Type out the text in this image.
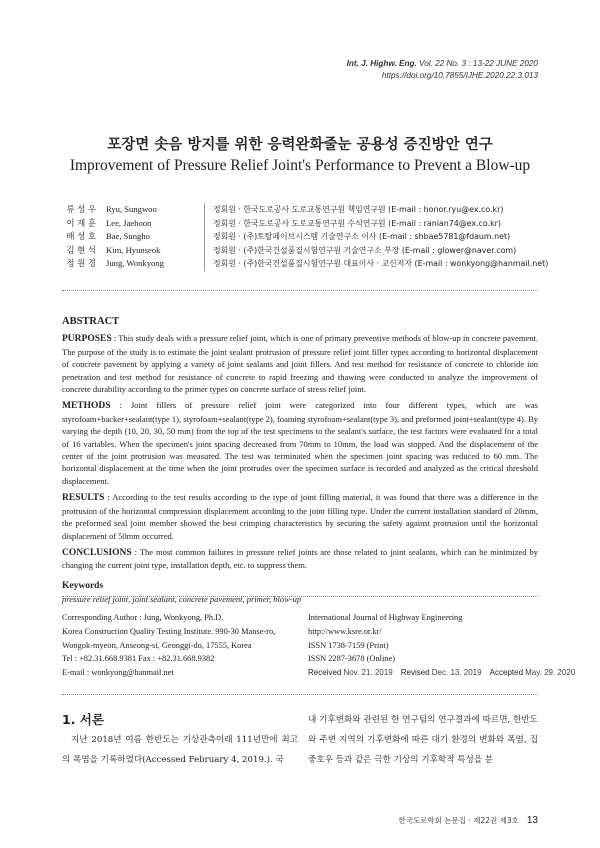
Int. J. Highw. Eng. Vol. 22 No. 3 : 13-22 JUNE 2020
https://doi.org/10.7855/IJHE.2020.22.3.013
포장면 솟음 방지를 위한 응력완화줄눈 공용성 증진방안 연구
Improvement of Pressure Relief Joint's Performance to Prevent a Blow-up
류 성 우	Ryu, Sungwoo	정회원 · 한국도로공사 도로교통연구원 책임연구원 (E-mail : honor.ryu@ex.co.kr)
이 재 훈	Lee, Jaehoon	정회원 · 한국도로공사 도로교통연구원 수석연구원 (E-mail : ranian74@ex.co.kr)
배 성 호	Bae, Sungho	정회원 · (주)토탈페이브시스템 기술연구소 이사 (E-mail : shbae5781@fdaum.net)
김 현 석	Kim, Hyunseok	정회원 · (주)한국건설품질시험연구원 기술연구소 부장 (E-mail : glower@naver.com)
정 원 경	Jung, Wonkyong	정회원 · (주)한국건설품질시험연구원 대표이사 · 교신저자 (E-mail : wonkyong@hanmail.net)
ABSTRACT

PURPOSES : This study deals with a pressure relief joint, which is one of primary preventive methods of blow-up in concrete pavement. The purpose of the study is to estimate the joint sealant protrusion of pressure relief joint filler types according to horizontal displacement of concrete pavement by applying a variety of joint sealants and joint fillers. And test method for resistance of concrete to chloride ion penetration and test method for resistance of concrete to rapid freezing and thawing were conducted to analyze the improvement of concrete durability according to the primer types on concrete surface of stress relief joint.

METHODS : Joint fillers of pressure relief joint were categorized into four different types, which are was styrofoam+backer+sealant(type 1), styrofoam+sealant(type 2), foaming styrofoam+sealant(type 3), and preformed joint+sealant(type 4). By varying the depth (10, 20, 30, 50 mm) from the top of the test specimens to the sealant's surface, the test factors were evaluated for a total of 16 variables. When the specimen's joint spacing decreased from 70mm to 10mm, the load was stopped. And the displacement of the center of the joint protrusion was measured. The test was terminated when the specimen joint spacing was reduced to 60 mm. The horizontal displacement at the time when the joint protrudes over the specimen surface is recorded and analyzed as the critical threshold displacement.

RESULTS : According to the test results according to the type of joint filling material, it was found that there was a difference in the protrusion of the horizontal compression displacement according to the joint filling type. Under the current installation standard of 20mm, the preformed seal joint member showed the best crimping characteristics by securing the safety against protrusion until the horizontal displacement of 50mm occurred.

CONCLUSIONS : The most common failures in pressure relief joints are those related to joint sealants, which can be minimized by changing the current joint type, installation depth, etc. to suppress them.

Keywords

pressure relief joint, joint sealant, concrete pavement, primer, blow-up

Corresponding Author : Jung, Wonkyong, Ph.D.
Korea Construction Quality Testing Institute. 990-30 Manse-ro,
Wongok-myeon, Anseong-si, Geonggi-do, 17555, Korea
Tel : +82.31.668.9381 Fax : +82.31.668.9382
E-mail : wonkyong@hanmail.net
International Journal of Highway Engineering
http://www.ksre.or.kr/
ISSN 1738-7159 (Print)
ISSN 2287-3678 (Online)
Received Nov. 21. 2019 Revised Dec. 13. 2019 Accepted May. 29. 2020
1. 서론

지난 2018년 여름 한반도는 기상관측이래 111년만에 최고의 폭염을 기록하였다(Accessed February 4, 2019.). 국

내 기후변화와 관련된 한 연구팀의 연구결과에 따르면, 한반도와 주변 지역의 기후변화에 따른 대기 환경의 변화와 폭염, 집중호우 등과 같은 극한 기상의 기후학적 특성을 분

한국도로학회 논문집 · 제22권 제3호 13
